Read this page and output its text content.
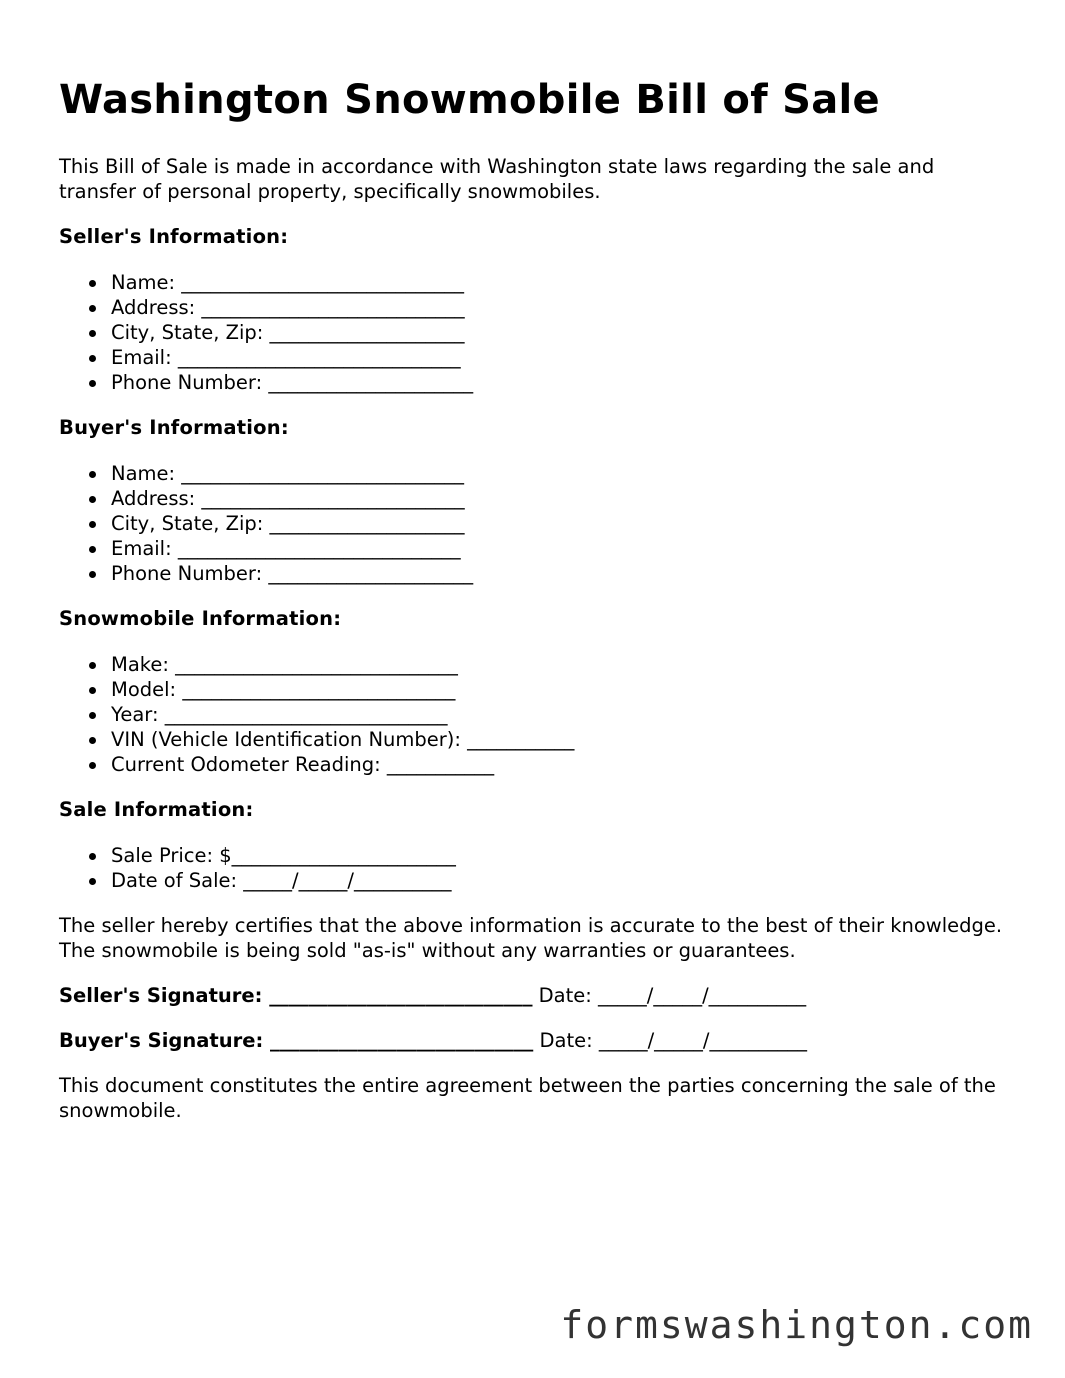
Washington Snowmobile Bill of Sale

This Bill of Sale is made in accordance with Washington state laws regarding the sale and transfer of personal property, specifically snowmobiles.

Seller's Information:
Name: _____________________________
Address: ___________________________
City, State, Zip: ____________________
Email: _____________________________
Phone Number: _____________________
Buyer's Information:
Name: _____________________________
Address: ___________________________
City, State, Zip: ____________________
Email: _____________________________
Phone Number: _____________________
Snowmobile Information:
Make: _____________________________
Model: ____________________________
Year: _____________________________
VIN (Vehicle Identification Number): ___________
Current Odometer Reading: ___________
Sale Information:
Sale Price: $_______________________
Date of Sale: _____/_____/__________

The seller hereby certifies that the above information is accurate to the best of their knowledge. The snowmobile is being sold "as-is" without any warranties or guarantees.

Seller's Signature: ___________________________ Date: _____/_____/__________
Buyer's Signature: ___________________________ Date: _____/_____/__________

This document constitutes the entire agreement between the parties concerning the sale of the snowmobile.

formswashington.com
